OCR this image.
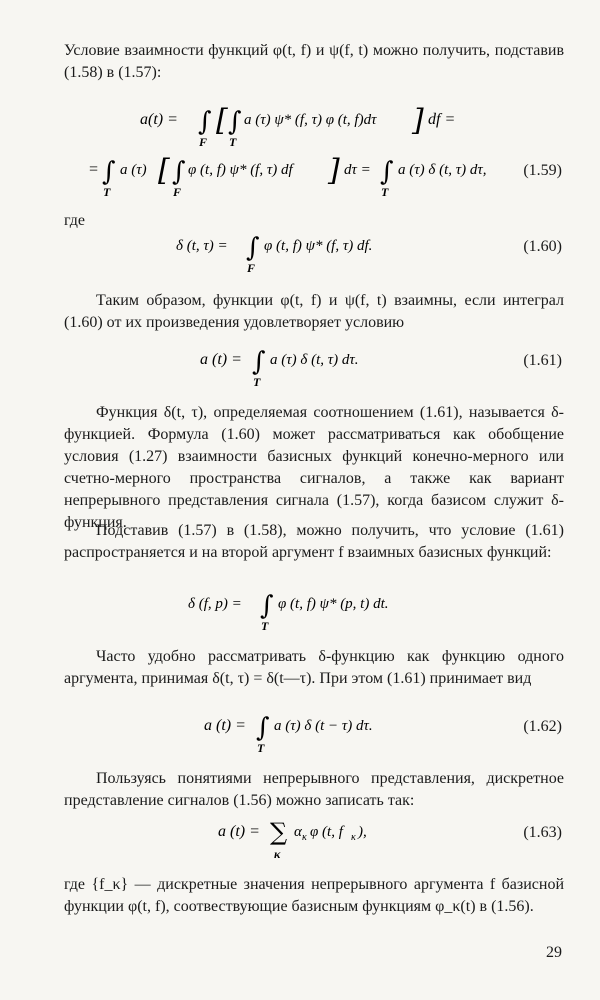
Условие взаимности функций φ(t, f) и ψ(f, t) можно получить, подставив (1.58) в (1.57):
a(t) = ∫
F
[ ∫
T
a (τ) ψ* (f, τ) φ (t, f)dτ ] df =
= ∫
T
a (τ) [ ∫
F
φ (t, f) ψ* (f, τ) df ] dτ = ∫
T
a (τ) δ (t, τ) dτ, (1.59)
где
δ (t, τ) = ∫
F
φ (t, f) ψ* (f, τ) df.	(1.60)
Таким образом, функции φ(t, f) и ψ(f, t) взаимны, если интеграл (1.60) от их произведения удовлетворяет условию
a (t) = ∫
T
a (τ) δ (t, τ) dτ.	(1.61)
Функция δ(t, τ), определяемая соотношением (1.61), называется δ-функцией. Формула (1.60) может рассматриваться как обобщение условия (1.27) взаимности базисных функций конечно-мерного или счетно-мерного пространства сигналов, а также как вариант непрерывного представления сигнала (1.57), когда базисом служит δ-функция.
Подставив (1.57) в (1.58), можно получить, что условие (1.61) распространяется и на второй аргумент f взаимных базисных функций:
δ (f, p) = ∫
T
φ (t, f) ψ* (p, t) dt.
Часто удобно рассматривать δ-функцию как функцию одного аргумента, принимая δ(t, τ) = δ(t—τ). При этом (1.61) принимает вид
a (t) = ∫
T
a (τ) δ (t − τ) dτ.	(1.62)
Пользуясь понятиями непрерывного представления, дискретное представление сигналов (1.56) можно записать так:
a (t) = ∑
κ
α κ φ (t, f κ ),	(1.63)
где {f_κ} — дискретные значения непрерывного аргумента f базисной функции φ(t, f), соотвествующие базисным функциям φ_κ(t) в (1.56).
29
